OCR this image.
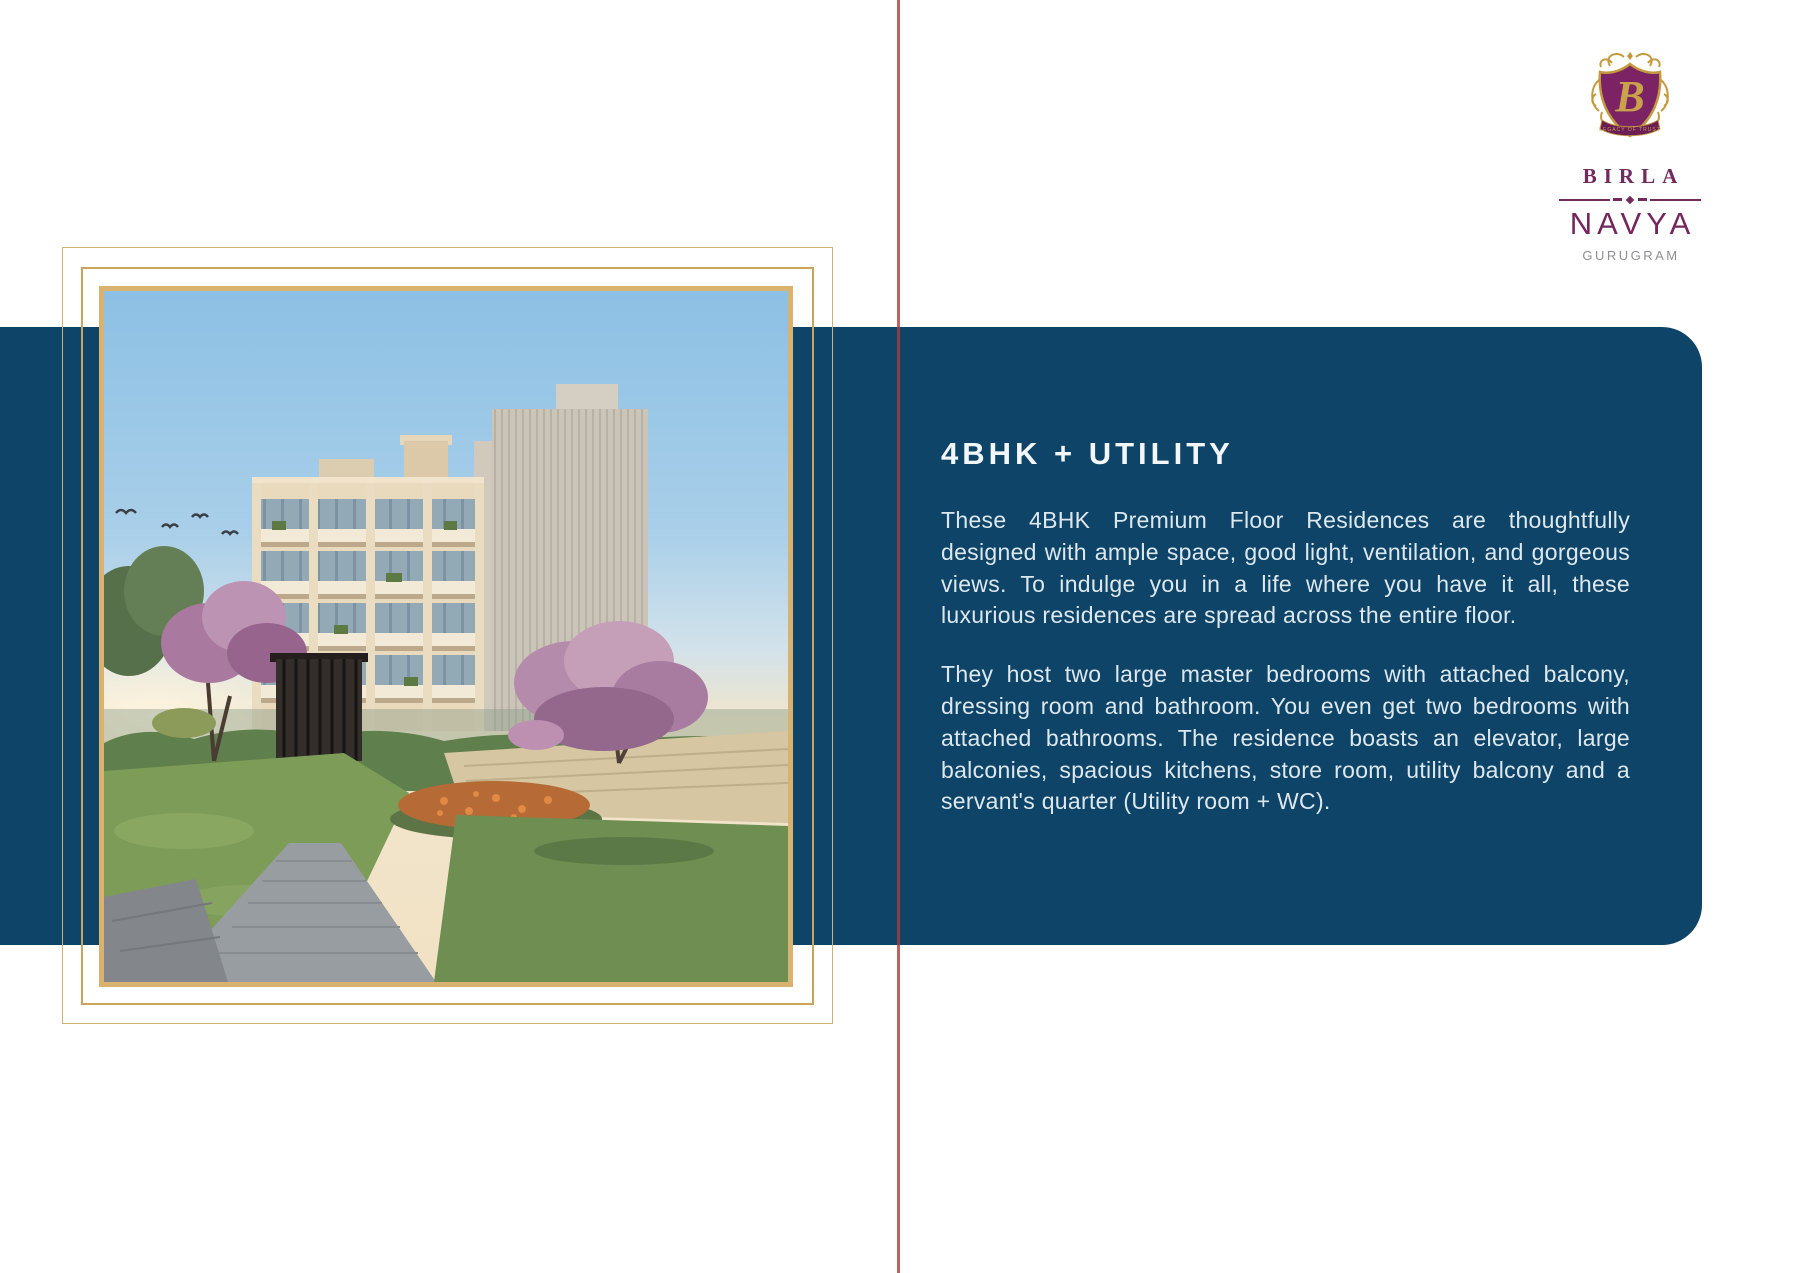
4BHK + UTILITY

These 4BHK Premium Floor Residences are thoughtfully designed with ample space, good light, ventilation, and gorgeous views. To indulge you in a life where you have it all, these luxurious residences are spread across the entire floor.

They host two large master bedrooms with attached balcony, dressing room and bathroom. You even get two bedrooms with attached bathrooms. The residence boasts an elevator, large balconies, spacious kitchens, store room, utility balcony and a servant's quarter (Utility room + WC).

B
LEGACY OF TRUST
BIRLA
NAVYA
GURUGRAM
